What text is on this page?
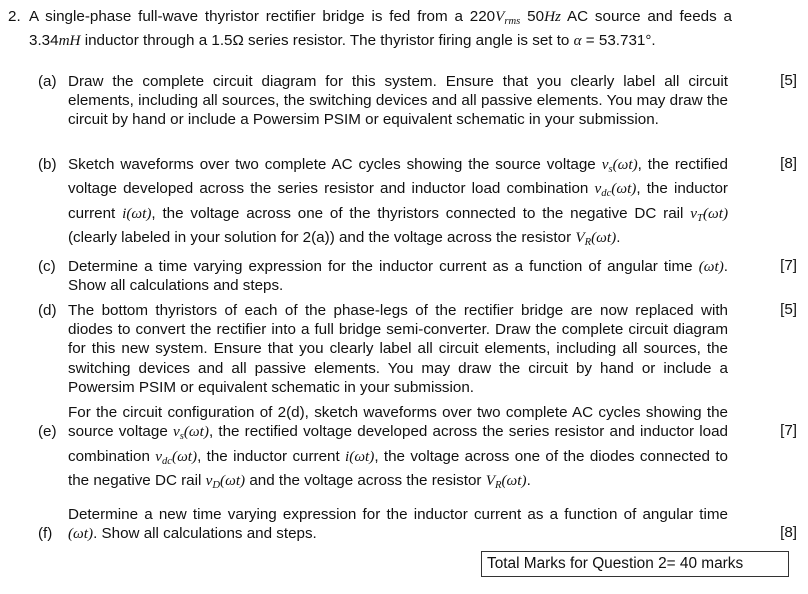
2. A single-phase full-wave thyristor rectifier bridge is fed from a $220V_{rms}$ 50Hz AC source and feeds a 3.34mH inductor through a 1.5Ω series resistor. The thyristor firing angle is set to α = 53.731°.
(a) Draw the complete circuit diagram for this system. Ensure that you clearly label all circuit elements, including all sources, the switching devices and all passive elements. You may draw the circuit by hand or include a Powersim PSIM or equivalent schematic in your submission.
[5]
(b) Sketch waveforms over two complete AC cycles showing the source voltage $v_s(\omega t)$, the rectified voltage developed across the series resistor and inductor load combination $v_{dc}(\omega t)$, the inductor current i(ωt), the voltage across one of the thyristors connected to the negative DC rail $v_T(\omega t)$ (clearly labeled in your solution for 2(a)) and the voltage across the resistor $V_R(\omega t)$.
[8]
(c) Determine a time varying expression for the inductor current as a function of angular time (ωt). Show all calculations and steps.
[7]
(d) The bottom thyristors of each of the phase-legs of the rectifier bridge are now replaced with diodes to convert the rectifier into a full bridge semi-converter. Draw the complete circuit diagram for this new system. Ensure that you clearly label all circuit elements, including all sources, the switching devices and all passive elements. You may draw the circuit by hand or include a Powersim PSIM or equivalent schematic in your submission.
[5]
(e)
For the circuit configuration of 2(d), sketch waveforms over two complete AC cycles showing the source voltage $v_s(\omega t)$, the rectified voltage developed across the series resistor and inductor load combination $v_{dc}(\omega t)$, the inductor current i(ωt), the voltage across one of the diodes connected to the negative DC rail $v_D(\omega t)$ and the voltage across the resistor $V_R(\omega t)$.
[7]
(f)
Determine a new time varying expression for the inductor current as a function of angular time (ωt). Show all calculations and steps.	[8]
Total Marks for Question 2= 40 marks
